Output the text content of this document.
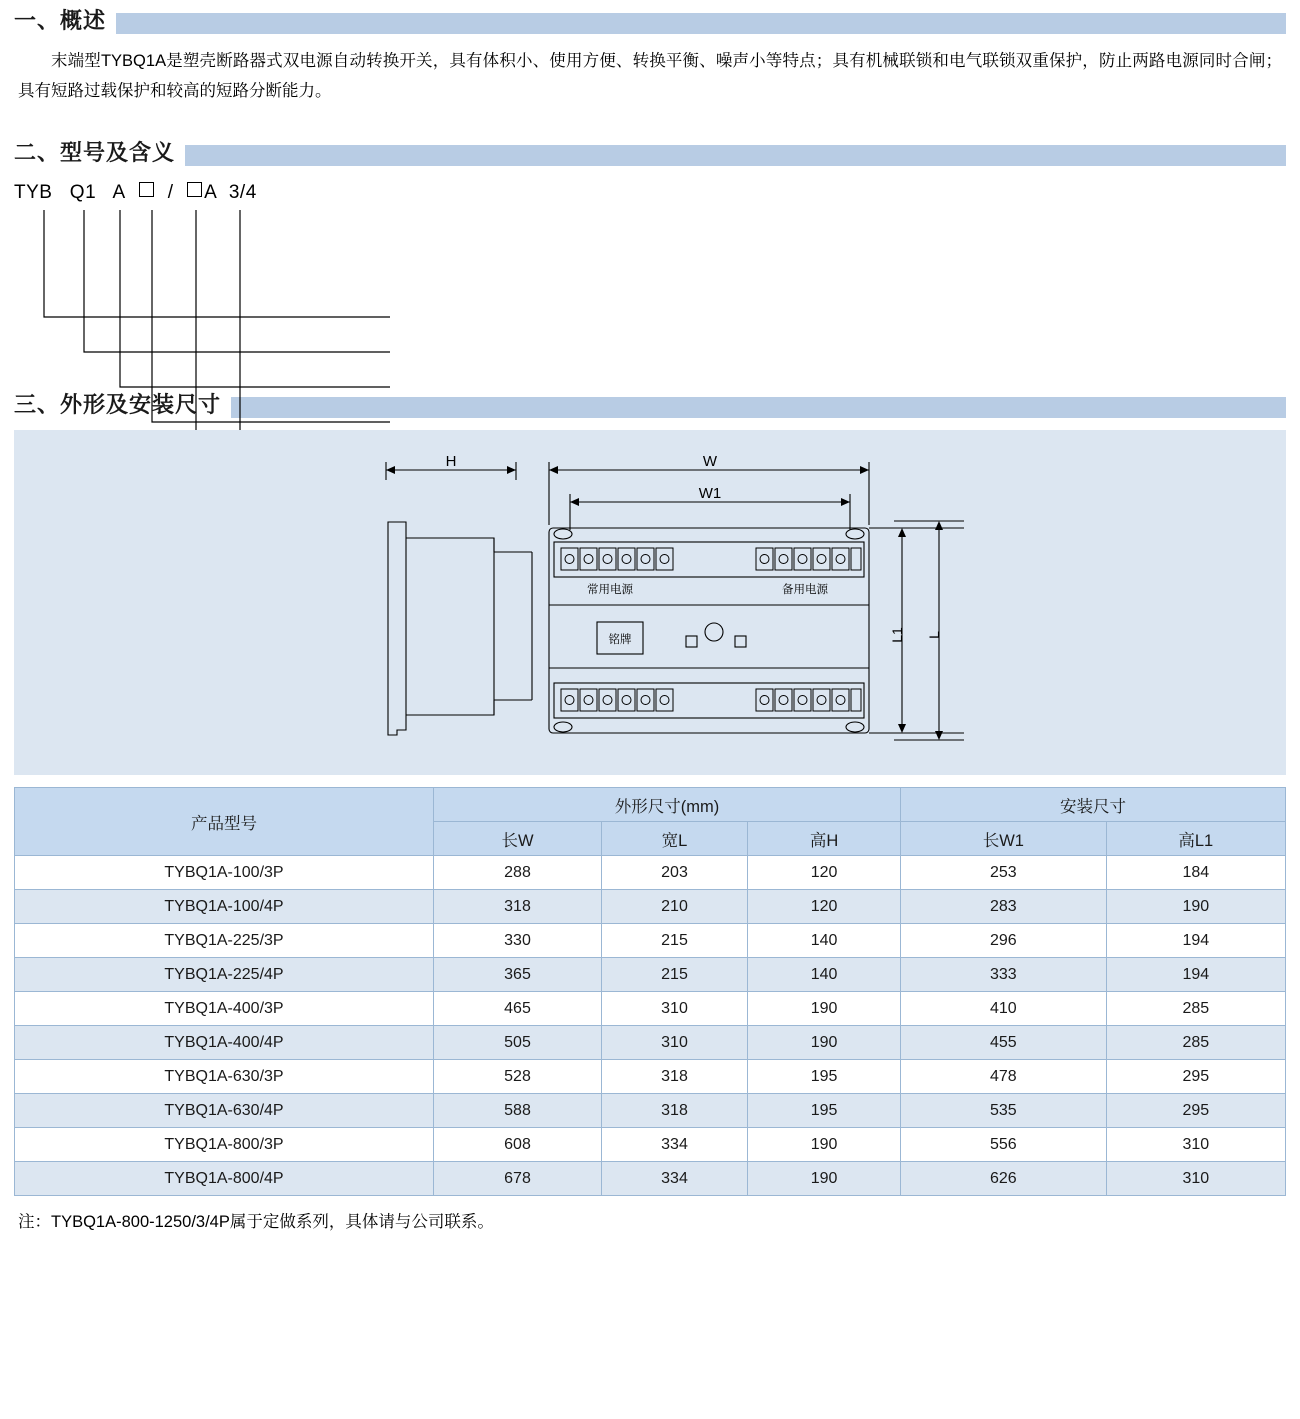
一、概述

末端型TYBQ1A是塑壳断路器式双电源自动转换开关，具有体积小、使用方便、转换平衡、噪声小等特点；具有机械联锁和电气联锁双重保护，防止两路电源同时合闸；具有短路过载保护和较高的短路分断能力。

二、型号及含义
TYB Q1 A / A 3/4
三、外形及安装尺寸
H	W
W1
L1 L
常用电源	备用电源
铭牌
产品型号	外形尺寸(mm)			安装尺寸	
	长W	宽L	高H	长W1	高L1
TYBQ1A-100/3P	288	203	120	253	184
TYBQ1A-100/4P	318	210	120	283	190
TYBQ1A-225/3P	330	215	140	296	194
TYBQ1A-225/4P	365	215	140	333	194
TYBQ1A-400/3P	465	310	190	410	285
TYBQ1A-400/4P	505	310	190	455	285
TYBQ1A-630/3P	528	318	195	478	295
TYBQ1A-630/4P	588	318	195	535	295
TYBQ1A-800/3P	608	334	190	556	310
TYBQ1A-800/4P	678	334	190	626	310
注：TYBQ1A-800-1250/3/4P属于定做系列，具体请与公司联系。
